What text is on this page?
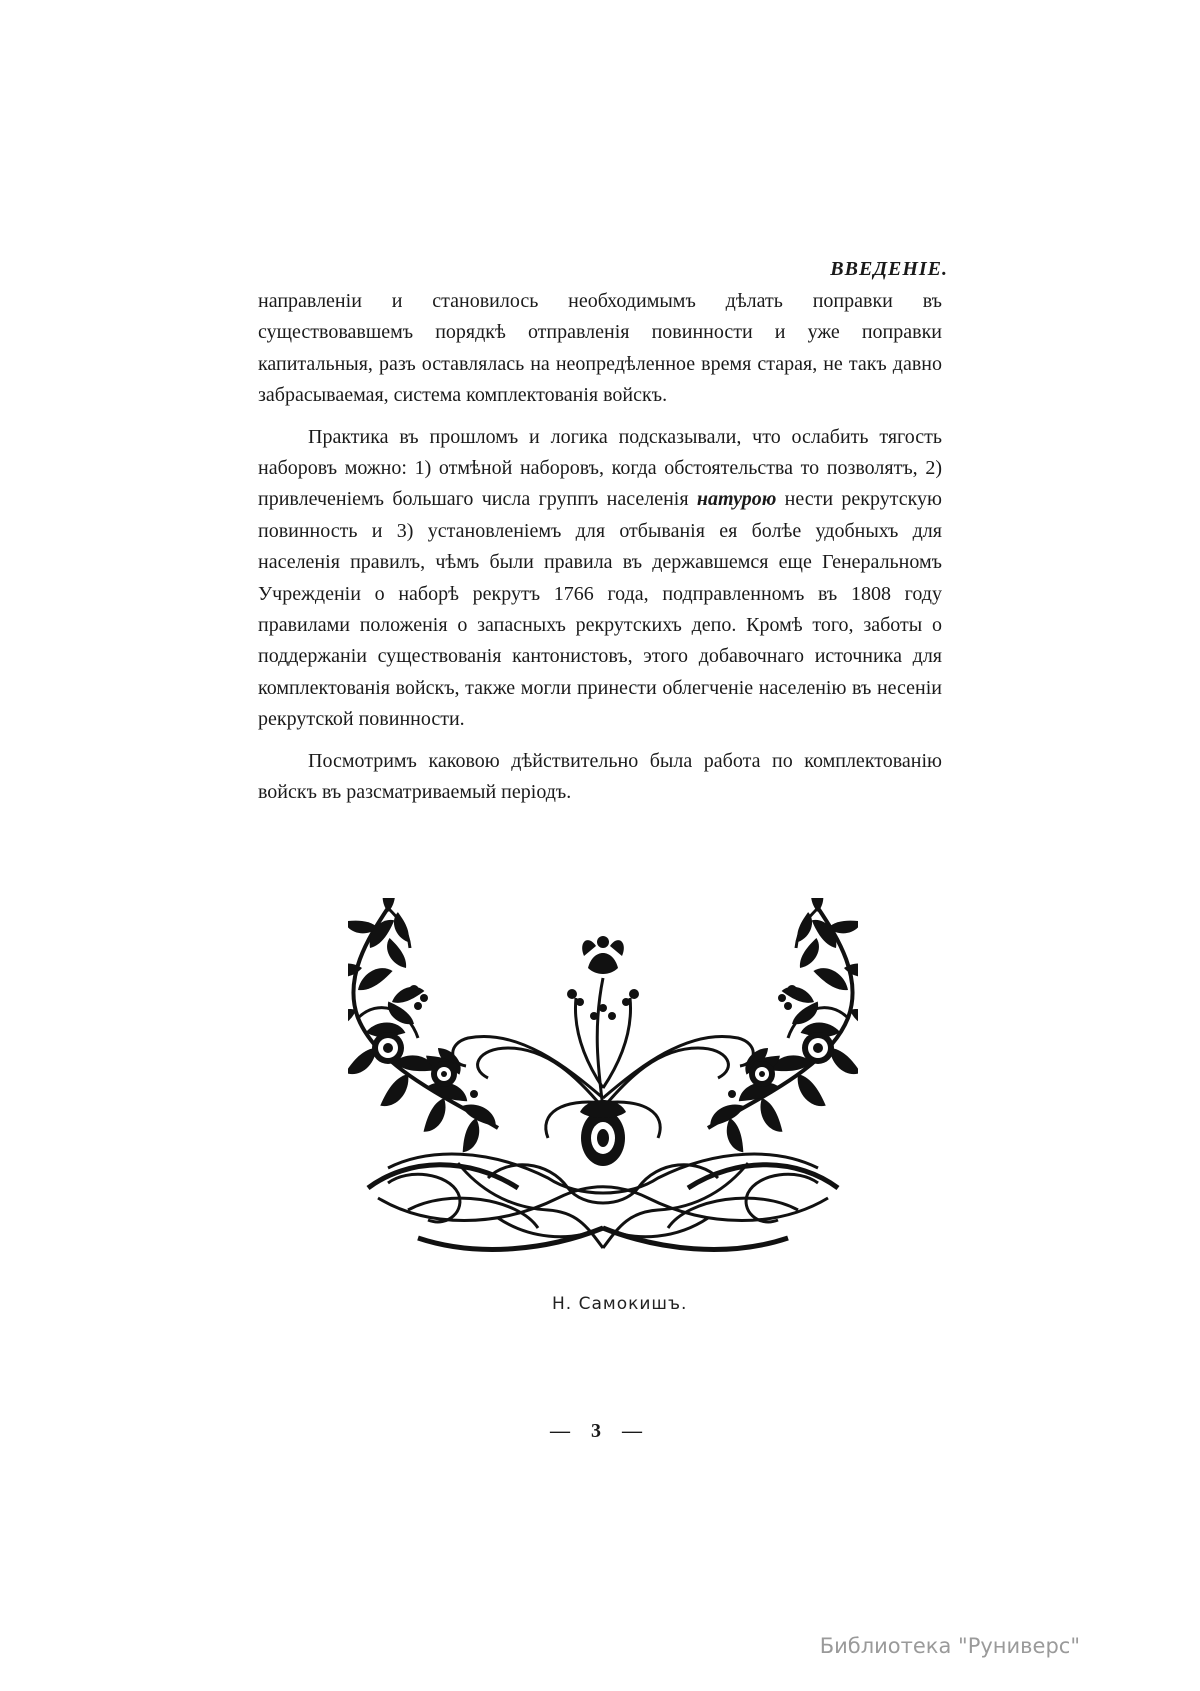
ВВЕДЕНІЕ.

направленіи и становилось необходимымъ дѣлать поправки въ существовавшемъ порядкѣ отправленія повинности и уже поправки капитальныя, разъ оставлялась на неопредѣленное время старая, не такъ давно забрасываемая, система комплектованія войскъ.

Практика въ прошломъ и логика подсказывали, что ослабить тягость наборовъ можно: 1) отмѣной наборовъ, когда обстоятельства то позволятъ, 2) привлеченіемъ большаго числа группъ населенія натурою нести рекрутскую повинность и 3) установленіемъ для отбыванія ея болѣе удобныхъ для населенія правилъ, чѣмъ были правила въ державшемся еще Генеральномъ Учрежденіи о наборѣ рекрутъ 1766 года, подправленномъ въ 1808 году правилами положенія о запасныхъ рекрутскихъ депо. Кромѣ того, заботы о поддержаніи существованія кантонистовъ, этого добавочнаго источника для комплектованія войскъ, также могли принести облегченіе населенію въ несеніи рекрутской повинности.

Посмотримъ каковою дѣйствительно была работа по комплектованію войскъ въ разсматриваемый періодъ.

Н. Самокишъ.
— 3 —
Библиотека "Руниверс"
